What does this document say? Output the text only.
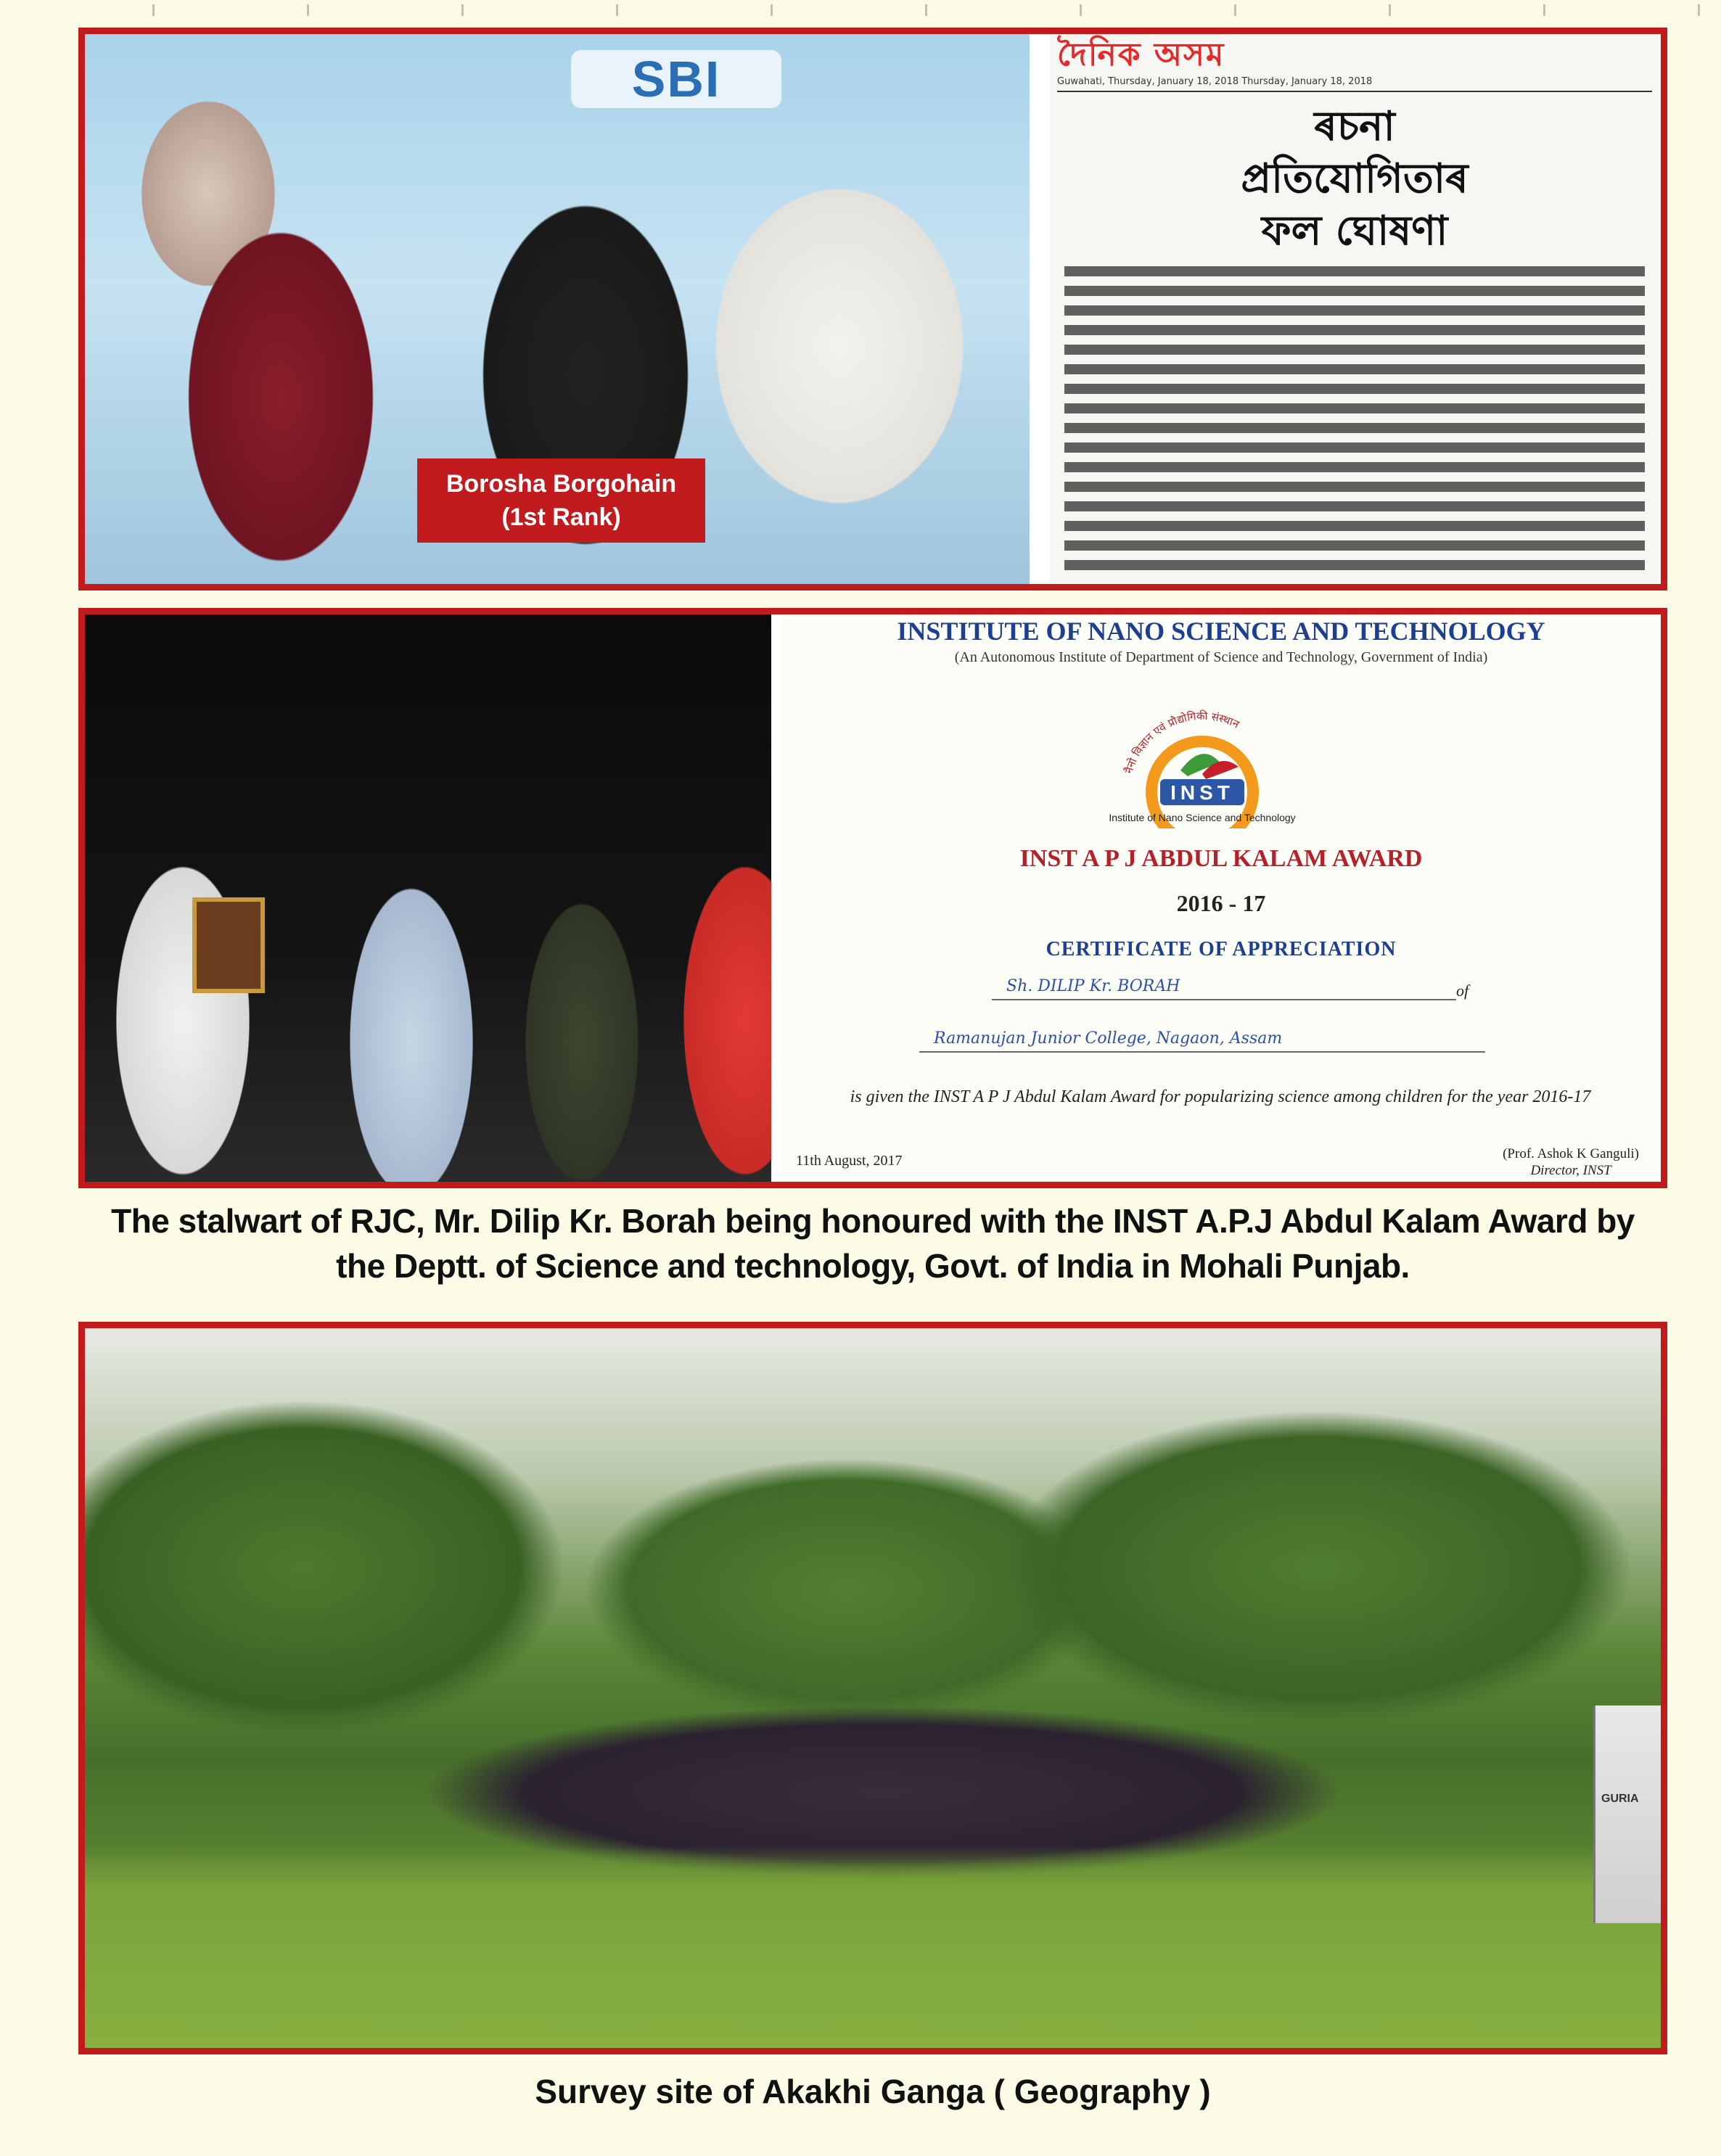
SBI
Borosha Borgohain
(1st Rank)
দৈনিক অসম
Guwahati, Thursday, January 18, 2018 Thursday, January 18, 2018
ৰচনা
প্ৰতিযোগিতাৰ
ফল ঘোষণা
INSTITUTE OF NANO SCIENCE AND TECHNOLOGY
(An Autonomous Institute of Department of Science and Technology, Government of India)
नैनो विज्ञान एवं प्रौद्योगिकी संस्थान
INST
Institute of Nano Science and Technology
INST A P J ABDUL KALAM AWARD
2016 - 17
CERTIFICATE OF APPRECIATION
Sh. DILIP Kr. BORAH	of
Ramanujan Junior College, Nagaon, Assam
is given the INST A P J Abdul Kalam Award for popularizing science among children for the year 2016-17
11th August, 2017	(Prof. Ashok K Ganguli)
Director, INST
The stalwart of RJC, Mr. Dilip Kr. Borah being honoured with the INST A.P.J Abdul Kalam Award by
the Deptt. of Science and technology, Govt. of India in Mohali Punjab.
GURIA
Survey site of Akakhi Ganga ( Geography )
